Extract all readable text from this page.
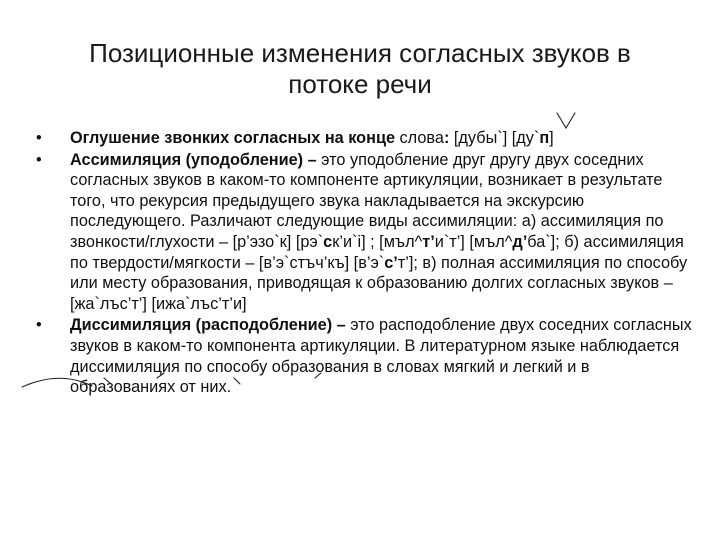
Позиционные изменения согласных звуков в
потоке речи
•	Оглушение звонких согласных на конце слова: [дубы`] [ду`п]
•	Ассимиляция (уподобление) – это уподобление друг другу двух соседних согласных звуков в каком-то компоненте артикуляции, возникает в результате того, что рекурсия предыдущего звука накладывается на экскурсию последующего. Различают следующие виды ассимиляции: а) ассимиляция по звонкости/глухости – [р’эзо`к] [рэ`ск’и`і] ; [мъл^т’и`т’] [мъл^д’ба`]; б) ассимиляция по твердости/мягкости – [в’э`стъч’къ] [в’э`с’т’]; в) полная ассимиляция по способу или месту образования, приводящая к образованию долгих согласных звуков – [жа`лъс’т’] [ижа`лъс’т’и]
•	Диссимиляция (расподобление) – это расподобление двух соседних согласных звуков в каком-то компонента артикуляции. В литературном языке наблюдается диссимиляция по способу образования в словах мягкий и легкий и в образованиях от них.
